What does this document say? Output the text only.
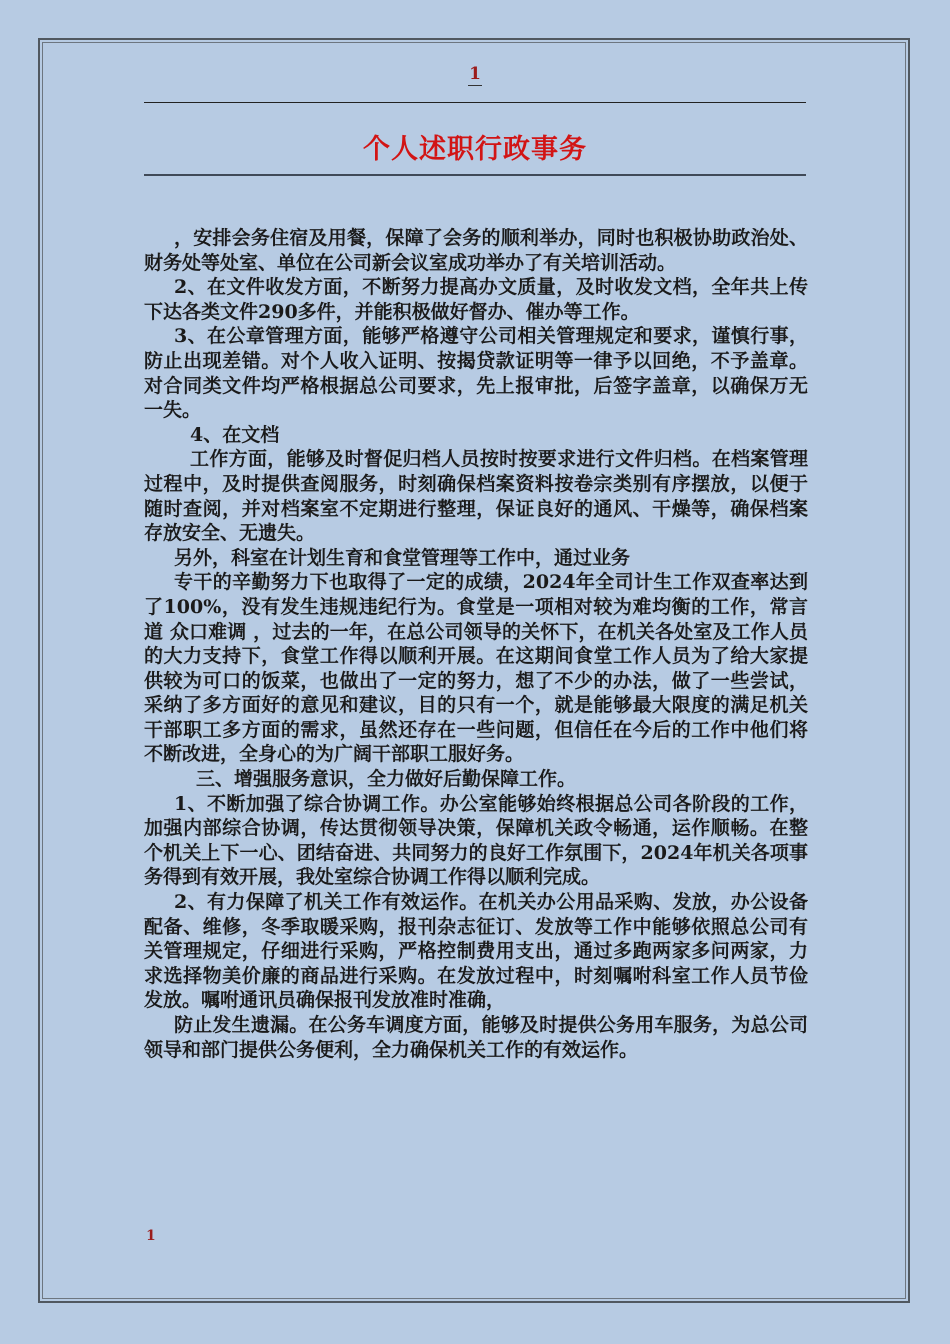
1
个人述职行政事务

，安排会务住宿及用餐，保障了会务的顺利举办，同时也积极协助政治处、财务处等处室、单位在公司新会议室成功举办了有关培训活动。

2、在文件收发方面，不断努力提高办文质量，及时收发文档，全年共上传下达各类文件290多件，并能积极做好督办、催办等工作。

3、在公章管理方面，能够严格遵守公司相关管理规定和要求，谨慎行事，防止出现差错。对个人收入证明、按揭贷款证明等一律予以回绝，不予盖章。对合同类文件均严格根据总公司要求，先上报审批，后签字盖章，以确保万无一失。

4、在文档

工作方面，能够及时督促归档人员按时按要求进行文件归档。在档案管理过程中，及时提供查阅服务，时刻确保档案资料按卷宗类别有序摆放，以便于随时查阅，并对档案室不定期进行整理，保证良好的通风、干燥等，确保档案存放安全、无遗失。

另外，科室在计划生育和食堂管理等工作中，通过业务

专干的辛勤努力下也取得了一定的成绩，2024年全司计生工作双查率达到了100%，没有发生违规违纪行为。食堂是一项相对较为难均衡的工作，常言道 众口难调 ，过去的一年，在总公司领导的关怀下，在机关各处室及工作人员的大力支持下，食堂工作得以顺利开展。在这期间食堂工作人员为了给大家提供较为可口的饭菜，也做出了一定的努力，想了不少的办法，做了一些尝试，采纳了多方面好的意见和建议，目的只有一个，就是能够最大限度的满足机关干部职工多方面的需求，虽然还存在一些问题，但信任在今后的工作中他们将不断改进，全身心的为广阔干部职工服好务。

三、增强服务意识，全力做好后勤保障工作。

1、不断加强了综合协调工作。办公室能够始终根据总公司各阶段的工作，加强内部综合协调，传达贯彻领导决策，保障机关政令畅通，运作顺畅。在整个机关上下一心、团结奋进、共同努力的良好工作氛围下，2024年机关各项事务得到有效开展，我处室综合协调工作得以顺利完成。

2、有力保障了机关工作有效运作。在机关办公用品采购、发放，办公设备配备、维修，冬季取暖采购，报刊杂志征订、发放等工作中能够依照总公司有关管理规定，仔细进行采购，严格控制费用支出，通过多跑两家多问两家，力求选择物美价廉的商品进行采购。在发放过程中，时刻嘱咐科室工作人员节俭发放。嘱咐通讯员确保报刊发放准时准确，

防止发生遗漏。在公务车调度方面，能够及时提供公务用车服务，为总公司领导和部门提供公务便利，全力确保机关工作的有效运作。

1
